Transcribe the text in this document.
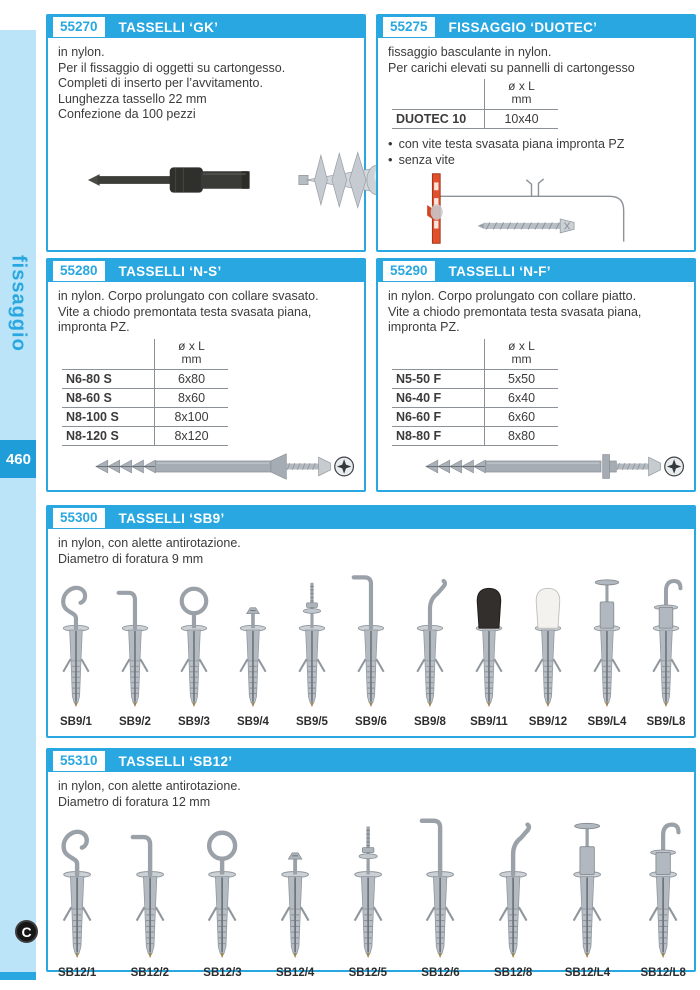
fissaggio
460
C
55270	TASSELLI ‘GK’
in nylon.
Per il fissaggio di oggetti su cartongesso.
Completi di inserto per l’avvitamento.
Lunghezza tassello 22 mm
Confezione da 100 pezzi
55275	FISSAGGIO ‘DUOTEC’
fissaggio basculante in nylon.
Per carichi elevati su pannelli di cartongesso
ø x L
mm
DUOTEC 10	10x40
• con vite testa svasata piana impronta PZ
• senza vite
55280	TASSELLI ‘N-S’
in nylon. Corpo prolungato con collare svasato.
Vite a chiodo premontata testa svasata piana,
impronta PZ.
ø x L
mm
N6-80 S	6x80
N8-60 S	8x60
N8-100 S	8x100
N8-120 S	8x120
55290	TASSELLI ‘N-F’
in nylon. Corpo prolungato con collare piatto.
Vite a chiodo premontata testa svasata piana,
impronta PZ.
ø x L
mm
N5-50 F	5x50
N6-40 F	6x40
N6-60 F	6x60
N8-80 F	8x80
55300	TASSELLI ‘SB9’
in nylon, con alette antirotazione.
Diametro di foratura 9 mm
SB9/1 SB9/2 SB9/3 SB9/4 SB9/5 SB9/6 SB9/8 SB9/11 SB9/12 SB9/L4 SB9/L8
55310	TASSELLI ‘SB12’
in nylon, con alette antirotazione.
Diametro di foratura 12 mm
SB12/1	SB12/2	SB12/3	SB12/4	SB12/5	SB12/6	SB12/8	SB12/L4	SB12/L8
